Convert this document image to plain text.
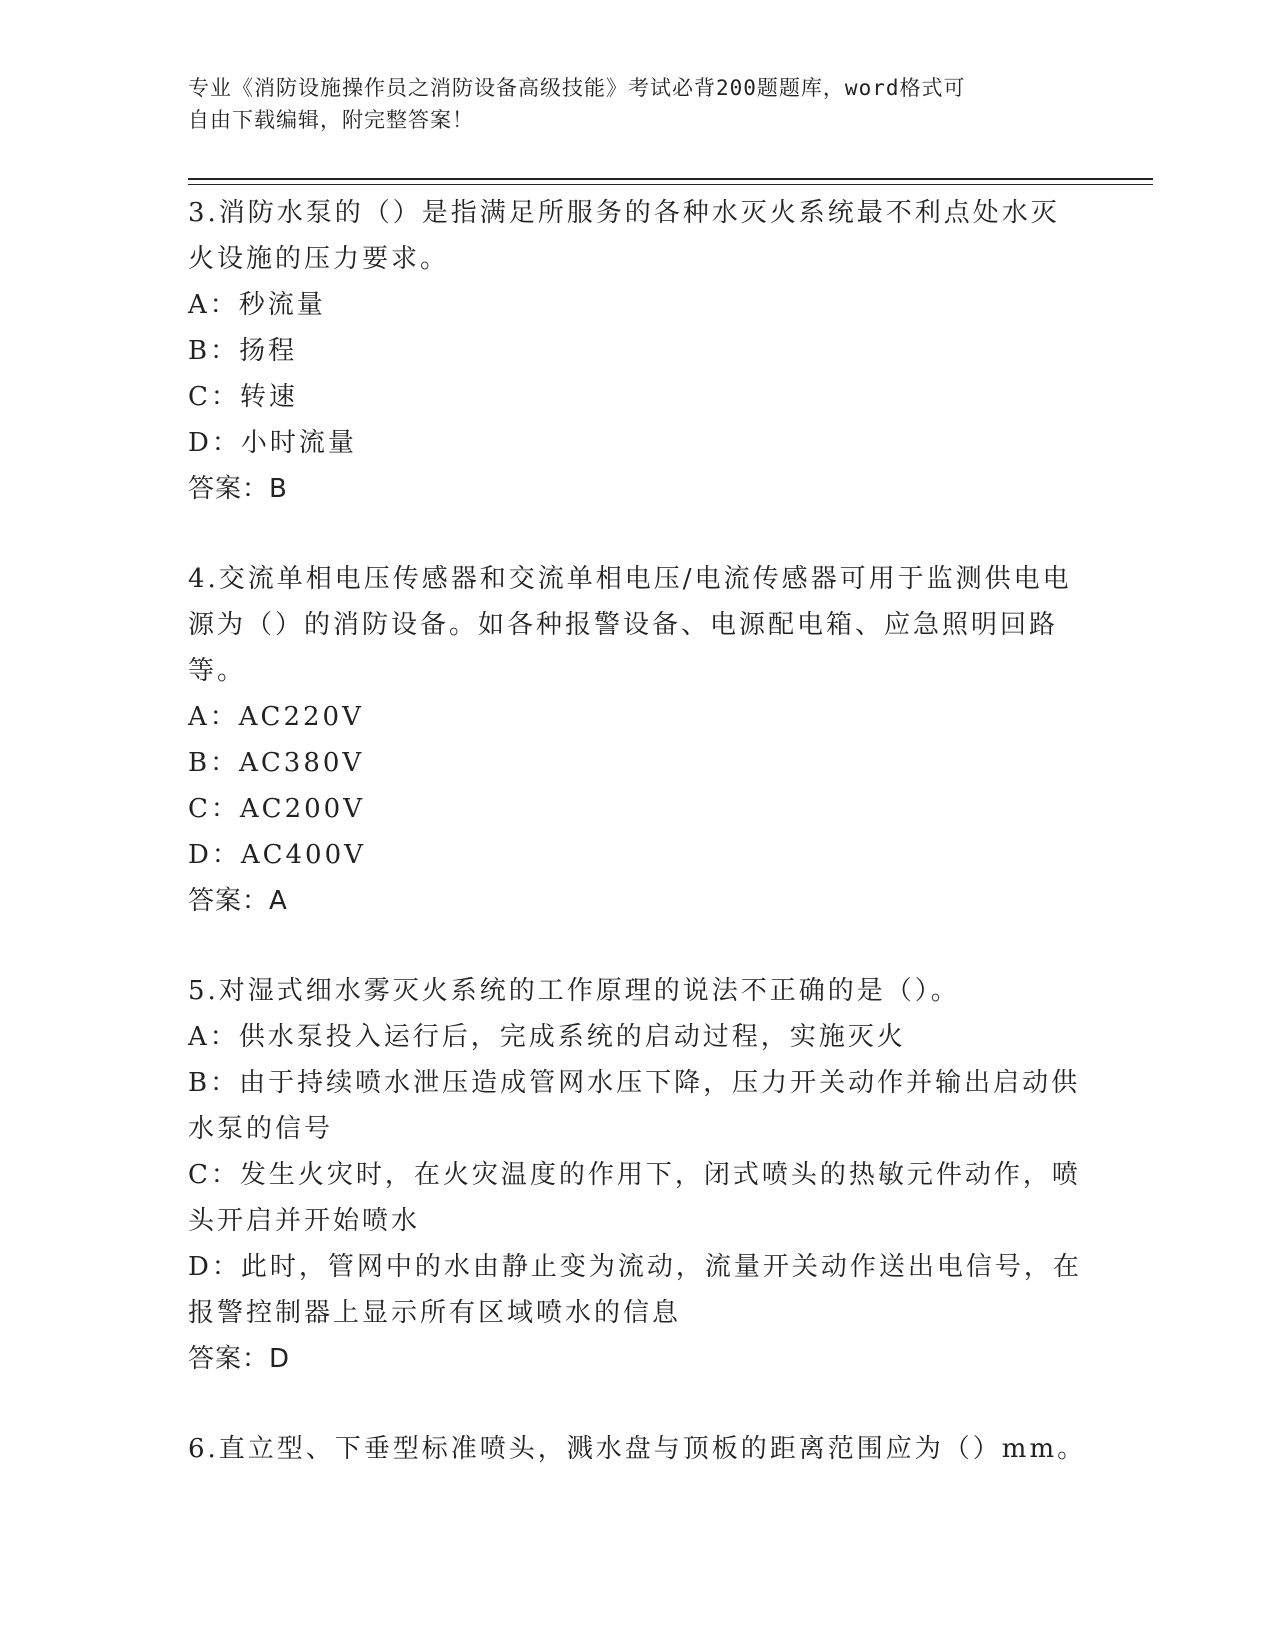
专业《消防设施操作员之消防设备高级技能》考试必背200题题库，word格式可
自由下载编辑，附完整答案！
3.消防水泵的（）是指满足所服务的各种水灭火系统最不利点处水灭
火设施的压力要求。
A：秒流量
B：扬程
C：转速
D：小时流量
答案：B
4.交流单相电压传感器和交流单相电压/电流传感器可用于监测供电电
源为（）的消防设备。如各种报警设备、电源配电箱、应急照明回路
等。
A：AC220V
B：AC380V
C：AC200V
D：AC400V
答案：A
5.对湿式细水雾灭火系统的工作原理的说法不正确的是（）。
A：供水泵投入运行后，完成系统的启动过程，实施灭火
B：由于持续喷水泄压造成管网水压下降，压力开关动作并输出启动供
水泵的信号
C：发生火灾时，在火灾温度的作用下，闭式喷头的热敏元件动作，喷
头开启并开始喷水
D：此时，管网中的水由静止变为流动，流量开关动作送出电信号，在
报警控制器上显示所有区域喷水的信息
答案：D
6.直立型、下垂型标准喷头，溅水盘与顶板的距离范围应为（）mm。
